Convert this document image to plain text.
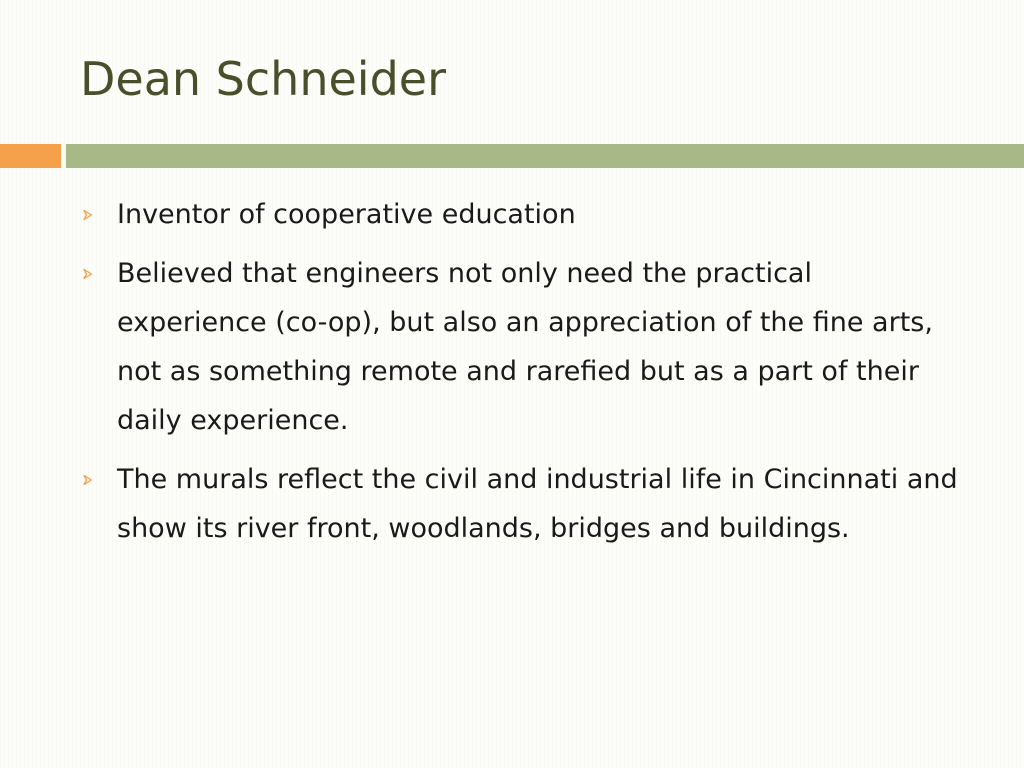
Dean Schneider
Inventor of cooperative education
Believed that engineers not only need the practical experience (co-op), but also an appreciation of the fine arts, not as something remote and rarefied but as a part of their daily experience.
The murals reflect the civil and industrial life in Cincinnati and show its river front, woodlands, bridges and buildings.
